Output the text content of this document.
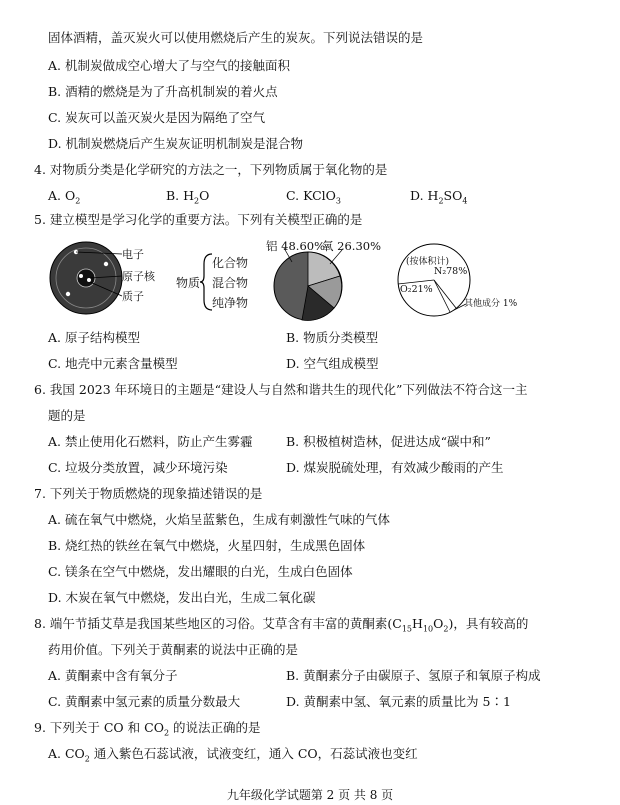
固体酒精，盖灭炭火可以使用燃烧后产生的炭灰。下列说法错误的是
A. 机制炭做成空心增大了与空气的接触面积
B. 酒精的燃烧是为了升高机制炭的着火点
C. 炭灰可以盖灭炭火是因为隔绝了空气
D. 机制炭燃烧后产生炭灰证明机制炭是混合物
4. 对物质分类是化学研究的方法之一，下列物质属于氧化物的是
A. $O_2$	B. $H_2O$	C. KClO$_3$	D. $H_2SO_4$
5. 建立模型是学习化学的重要方法。下列有关模型正确的是
电子
原子核
质子
物质
化合物
混合物
纯净物
铝 48.60%
氧 26.30%
(按体积计)
N₂78%
O₂21%
其他成分 1%
A. 原子结构模型	B. 物质分类模型
C. 地壳中元素含量模型	D. 空气组成模型
6. 我国 2023 年环境日的主题是“建设人与自然和谐共生的现代化”下列做法不符合这一主
题的是
A. 禁止使用化石燃料，防止产生雾霾	B. 积极植树造林，促进达成“碳中和”
C. 垃圾分类放置，减少环境污染	D. 煤炭脱硫处理，有效减少酸雨的产生
7. 下列关于物质燃烧的现象描述错误的是
A. 硫在氧气中燃烧，火焰呈蓝紫色，生成有刺激性气味的气体
B. 烧红热的铁丝在氧气中燃烧，火星四射，生成黑色固体
C. 镁条在空气中燃烧，发出耀眼的白光，生成白色固体
D. 木炭在氧气中燃烧，发出白光，生成二氧化碳
8. 端午节插艾草是我国某些地区的习俗。艾草含有丰富的黄酮素$(C_{15}H_{10}O_2)$，具有较高的
药用价值。下列关于黄酮素的说法中正确的是
A. 黄酮素中含有氧分子	B. 黄酮素分子由碳原子、氢原子和氧原子构成
C. 黄酮素中氢元素的质量分数最大	D. 黄酮素中氢、氧元素的质量比为 5∶1
9. 下列关于 CO 和 $CO_2$ 的说法正确的是
A. $CO_2$ 通入紫色石蕊试液，试液变红，通入 CO，石蕊试液也变红
九年级化学试题第 2 页 共 8 页
